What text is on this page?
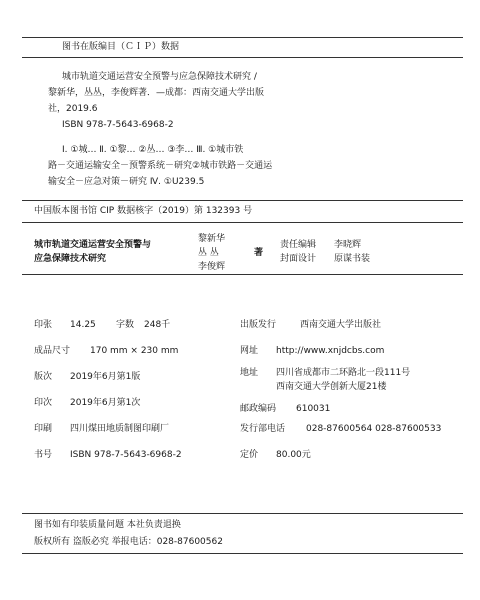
图书在版编目（ＣＩＰ）数据
城市轨道交通运营安全预警与应急保障技术研究 /
黎新华，丛丛，李俊辉著．—成都：西南交通大学出版
社，2019.6
ISBN 978-7-5643-6968-2
Ⅰ. ①城… Ⅱ. ①黎… ②丛… ③李… Ⅲ. ①城市铁
路－交通运输安全－预警系统－研究②城市铁路－交通运
输安全－应急对策－研究 Ⅳ. ①U239.5
中国版本图书馆 CIP 数据核字（2019）第 132393 号
城市轨道交通运营安全预警与
应急保障技术研究
黎新华
丛 丛
李俊辉
著
责任编辑 李晓辉
封面设计 原谋书装
印张 14.25 字数 248千
成品尺寸 170 mm × 230 mm
版次 2019年6月第1版
印次 2019年6月第1次
印刷 四川煤田地质制图印刷厂
书号 ISBN 978-7-5643-6968-2
出版发行	西南交通大学出版社
网址 http://www.xnjdcbs.com
地址 四川省成都市二环路北一段111号
西南交通大学创新大厦21楼
邮政编码 610031
发行部电话 028-87600564 028-87600533
定价 80.00元
图书如有印装质量问题 本社负责退换
版权所有 盗版必究 举报电话：028-87600562
